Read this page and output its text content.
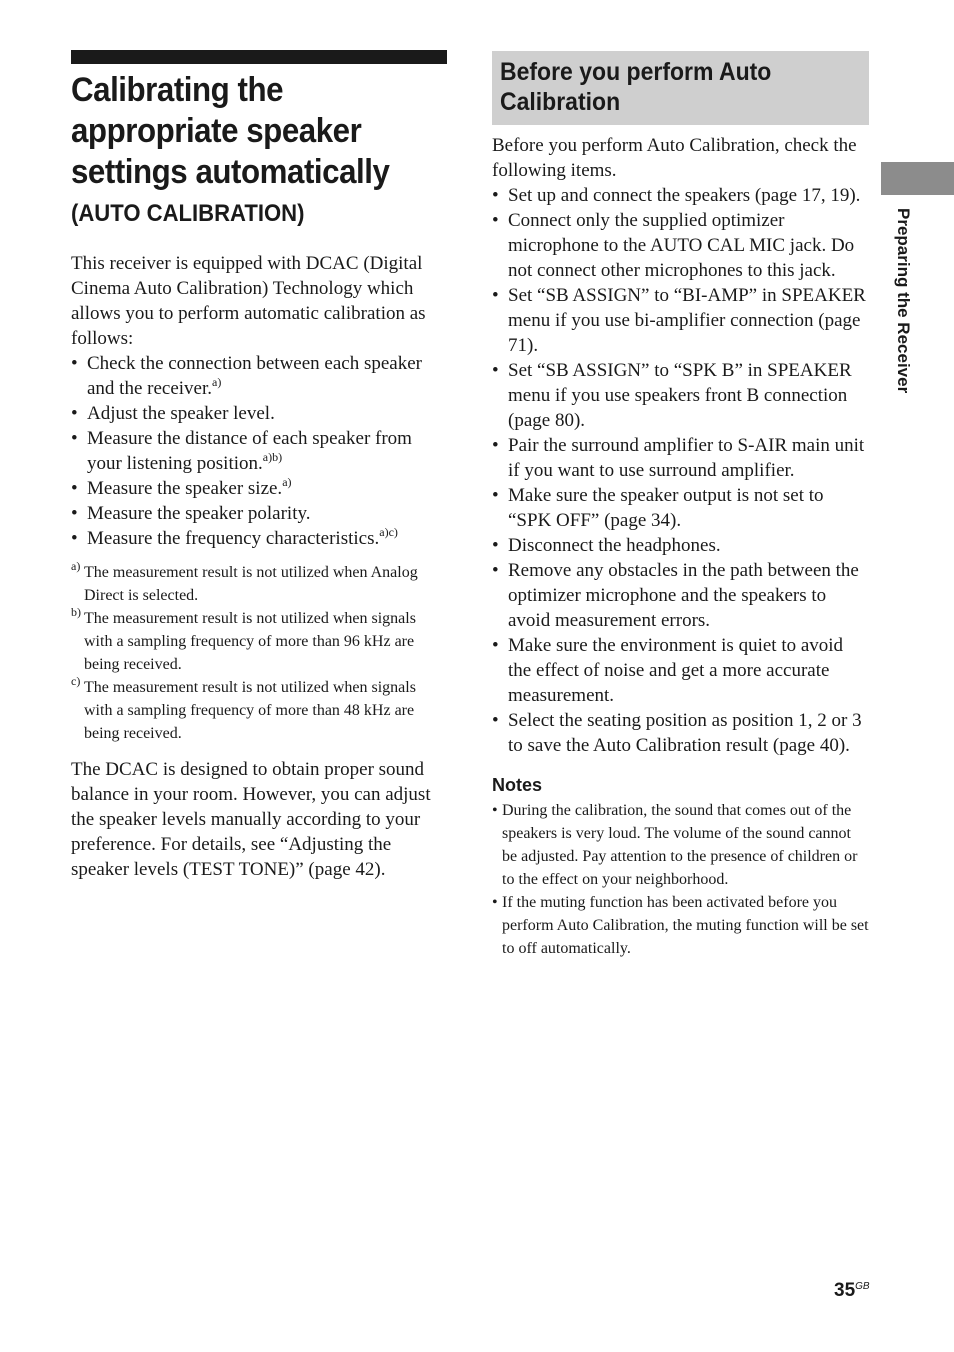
Calibrating the appropriate speaker settings automatically
(AUTO CALIBRATION)

This receiver is equipped with DCAC (Digital Cinema Auto Calibration) Technology which allows you to perform automatic calibration as follows:

• Check the connection between each speaker and the receiver.$^{a)}$
• Adjust the speaker level.
• Measure the distance of each speaker from your listening position.$^{a)b)}$
• Measure the speaker size.$^{a)}$
• Measure the speaker polarity.
• Measure the frequency characteristics.$^{a)c)}$

a) The measurement result is not utilized when Analog Direct is selected.

b) The measurement result is not utilized when signals with a sampling frequency of more than 96 kHz are being received.

c) The measurement result is not utilized when signals with a sampling frequency of more than 48 kHz are being received.

The DCAC is designed to obtain proper sound balance in your room. However, you can adjust the speaker levels manually according to your preference. For details, see “Adjusting the speaker levels (TEST TONE)” (page 42).

Before you perform Auto Calibration

Before you perform Auto Calibration, check the following items.

• Set up and connect the speakers (page 17, 19).
• Connect only the supplied optimizer microphone to the AUTO CAL MIC jack. Do not connect other microphones to this jack.
• Set “SB ASSIGN” to “BI-AMP” in SPEAKER menu if you use bi-amplifier connection (page 71).
• Set “SB ASSIGN” to “SPK B” in SPEAKER menu if you use speakers front B connection (page 80).
• Pair the surround amplifier to S-AIR main unit if you want to use surround amplifier.
• Make sure the speaker output is not set to “SPK OFF” (page 34).
• Disconnect the headphones.
• Remove any obstacles in the path between the optimizer microphone and the speakers to avoid measurement errors.
• Make sure the environment is quiet to avoid the effect of noise and get a more accurate measurement.
• Select the seating position as position 1, 2 or 3 to save the Auto Calibration result (page 40).
Notes
• During the calibration, the sound that comes out of the speakers is very loud. The volume of the sound cannot be adjusted. Pay attention to the presence of children or to the effect on your neighborhood.
• If the muting function has been activated before you perform Auto Calibration, the muting function will be set to off automatically.
Preparing the Receiver
$35^{GB}$
